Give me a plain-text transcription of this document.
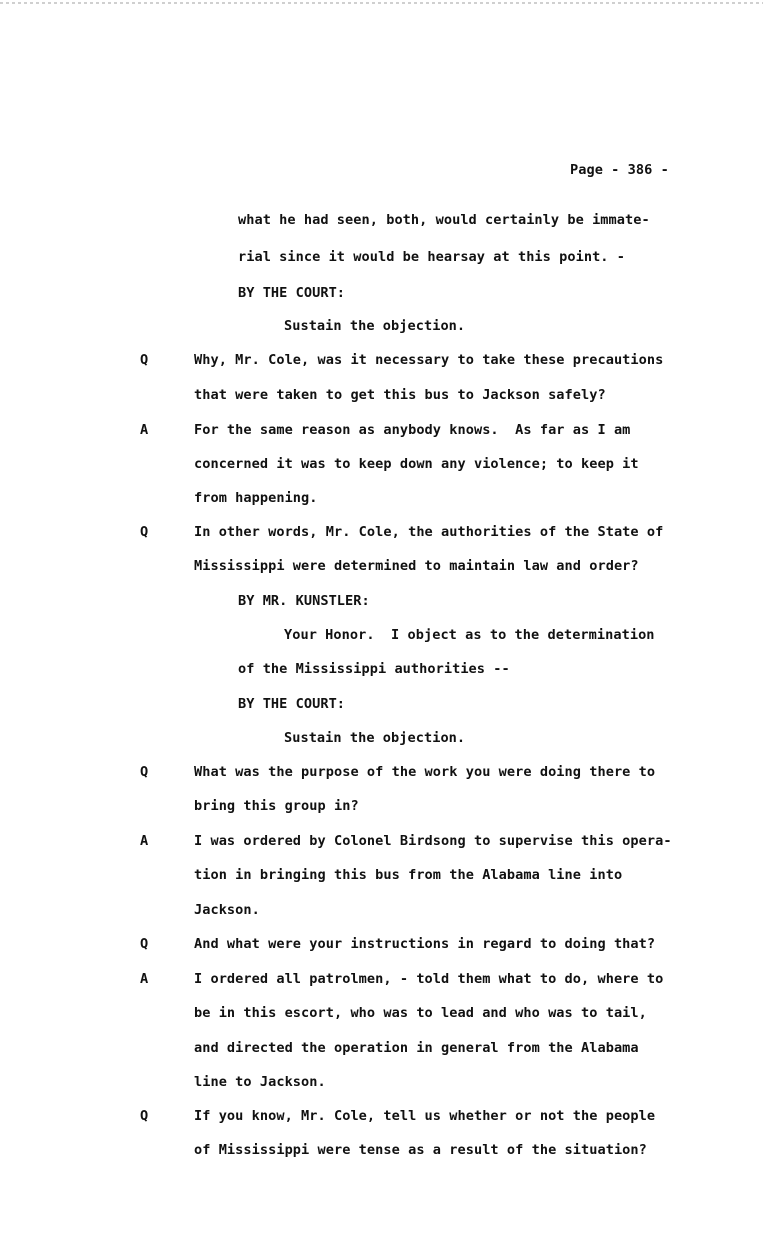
Page - 386 -
what he had seen, both, would certainly be immate-
rial since it would be hearsay at this point. -
BY THE COURT:
Sustain the objection.
Q	Why, Mr. Cole, was it necessary to take these precautions
that were taken to get this bus to Jackson safely?
A	For the same reason as anybody knows.  As far as I am
concerned it was to keep down any violence; to keep it
from happening.
Q	In other words, Mr. Cole, the authorities of the State of
Mississippi were determined to maintain law and order?
BY MR. KUNSTLER:
Your Honor.  I object as to the determination
of the Mississippi authorities --
BY THE COURT:
Sustain the objection.
Q	What was the purpose of the work you were doing there to
bring this group in?
A	I was ordered by Colonel Birdsong to supervise this opera-
tion in bringing this bus from the Alabama line into
Jackson.
Q	And what were your instructions in regard to doing that?
A	I ordered all patrolmen, - told them what to do, where to
be in this escort, who was to lead and who was to tail,
and directed the operation in general from the Alabama
line to Jackson.
Q	If you know, Mr. Cole, tell us whether or not the people
of Mississippi were tense as a result of the situation?
